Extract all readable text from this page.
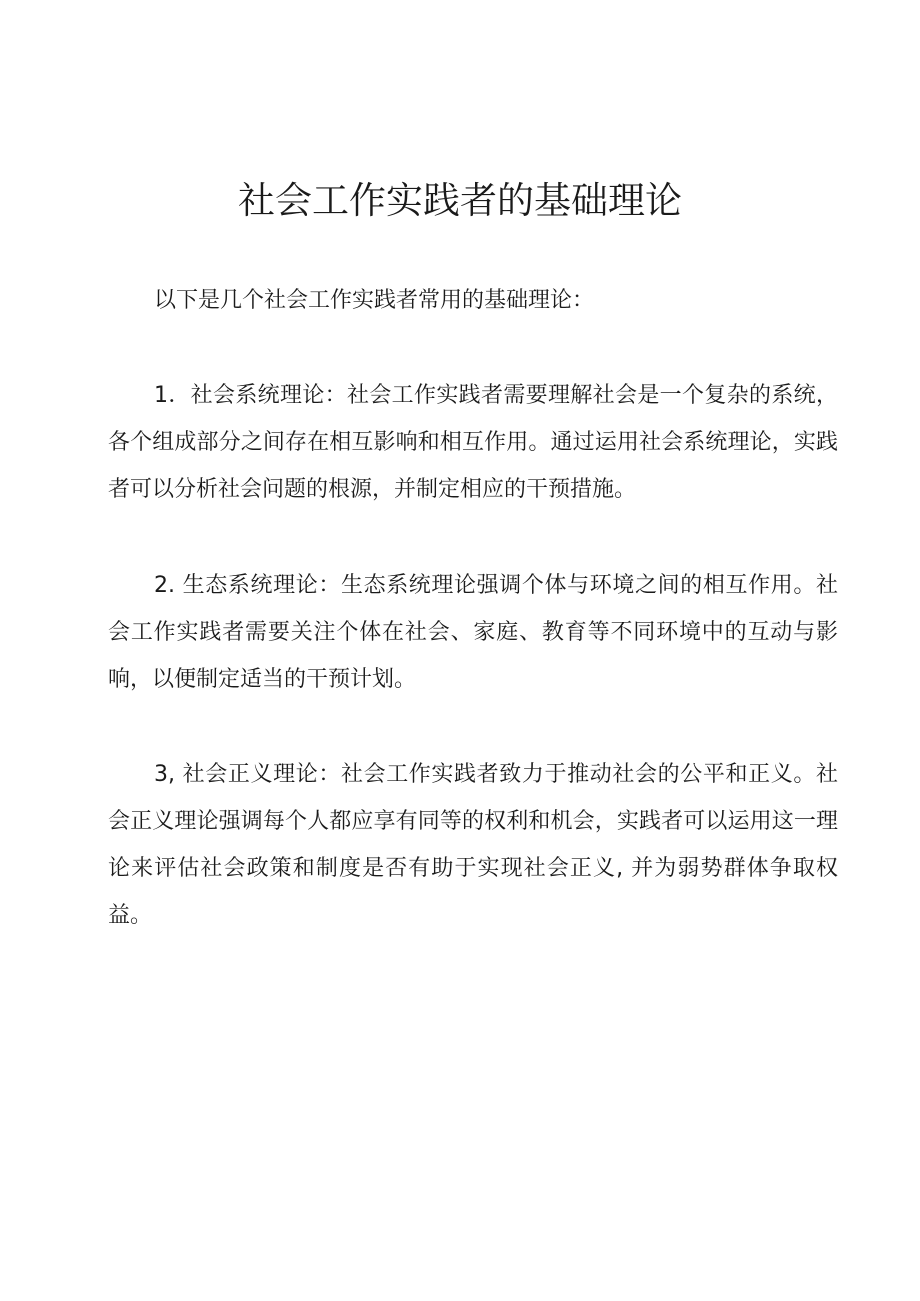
社会工作实践者的基础理论

以下是几个社会工作实践者常用的基础理论：

1．社会系统理论：社会工作实践者需要理解社会是一个复杂的系统，各个组成部分之间存在相互影响和相互作用。通过运用社会系统理论，实践者可以分析社会问题的根源，并制定相应的干预措施。

2. 生态系统理论：生态系统理论强调个体与环境之间的相互作用。社会工作实践者需要关注个体在社会、家庭、教育等不同环境中的互动与影响，以便制定适当的干预计划。

3, 社会正义理论：社会工作实践者致力于推动社会的公平和正义。社会正义理论强调每个人都应享有同等的权利和机会，实践者可以运用这一理论来评估社会政策和制度是否有助于实现社会正义, 并为弱势群体争取权益。
